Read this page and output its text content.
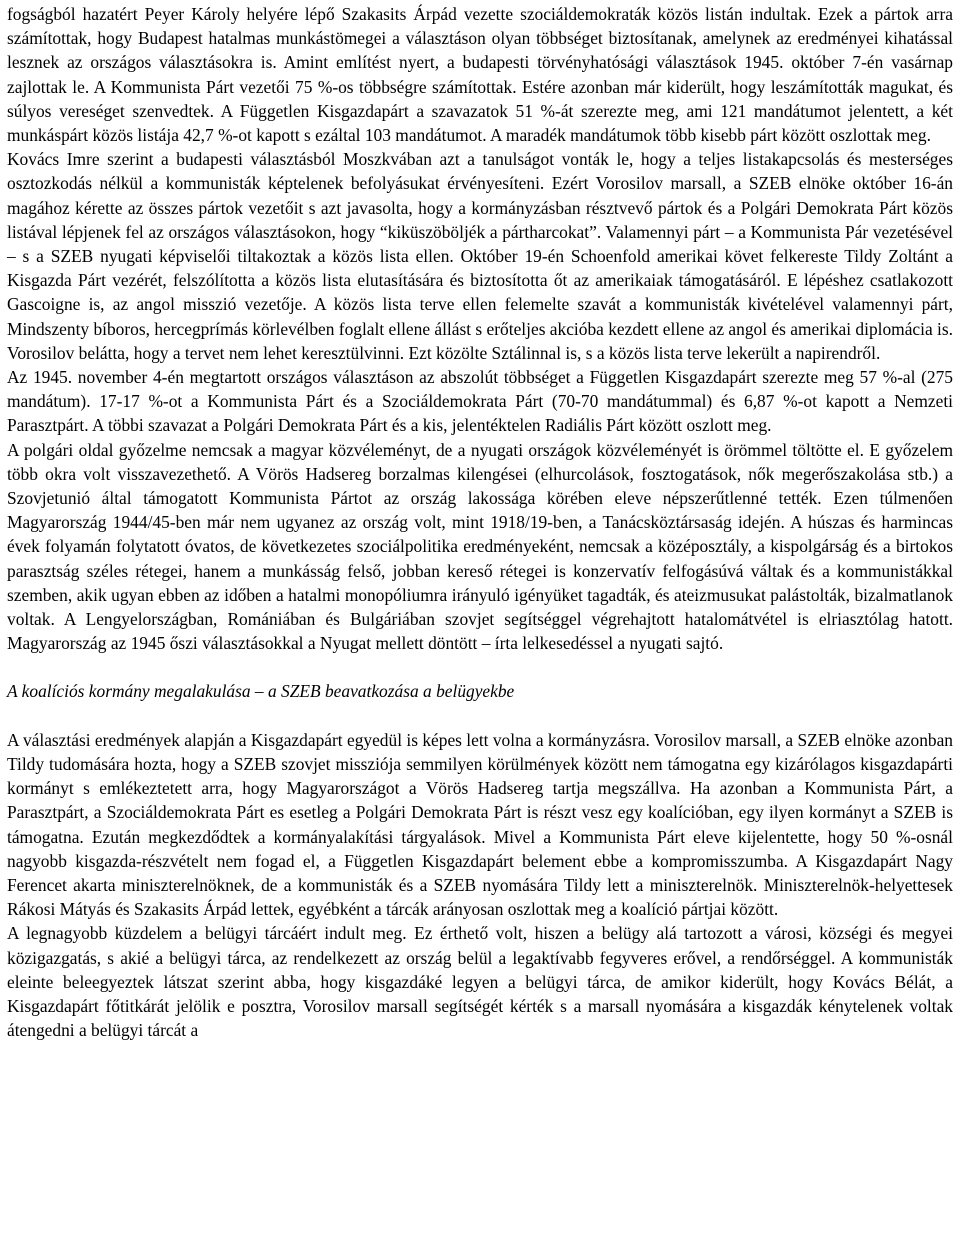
fogságból hazatért Peyer Károly helyére lépő Szakasits Árpád vezette szociáldemokraták közös listán indultak. Ezek a pártok arra számítottak, hogy Budapest hatalmas munkástömegei a választáson olyan többséget biztosítanak, amelynek az eredményei kihatással lesznek az országos választásokra is. Amint említést nyert, a budapesti törvényhatósági választások 1945. október 7-én vasárnap zajlottak le. A Kommunista Párt vezetői 75 %-os többségre számítottak. Estére azonban már kiderült, hogy leszámították magukat, és súlyos vereséget szenvedtek. A Független Kisgazdapárt a szavazatok 51 %-át szerezte meg, ami 121 mandátumot jelentett, a két munkáspárt közös listája 42,7 %-ot kapott s ezáltal 103 mandátumot. A maradék mandátumok több kisebb párt között oszlottak meg.

Kovács Imre szerint a budapesti választásból Moszkvában azt a tanulságot vonták le, hogy a teljes listakapcsolás és mesterséges osztozkodás nélkül a kommunisták képtelenek befolyásukat érvényesíteni. Ezért Vorosilov marsall, a SZEB elnöke október 16-án magához kérette az összes pártok vezetőit s azt javasolta, hogy a kormányzásban résztvevő pártok és a Polgári Demokrata Párt közös listával lépjenek fel az országos választásokon, hogy “kiküszöböljék a pártharcokat”. Valamennyi párt – a Kommunista Pár vezetésével – s a SZEB nyugati képviselői tiltakoztak a közös lista ellen. Október 19-én Schoenfold amerikai követ felkereste Tildy Zoltánt a Kisgazda Párt vezérét, felszólította a közös lista elutasítására és biztosította őt az amerikaiak támogatásáról. E lépéshez csatlakozott Gascoigne is, az angol misszió vezetője. A közös lista terve ellen felemelte szavát a kommunisták kivételével valamennyi párt, Mindszenty bíboros, hercegprímás körlevélben foglalt ellene állást s erőteljes akcióba kezdett ellene az angol és amerikai diplomácia is. Vorosilov belátta, hogy a tervet nem lehet keresztülvinni. Ezt közölte Sztálinnal is, s a közös lista terve lekerült a napirendről.

Az 1945. november 4-én megtartott országos választáson az abszolút többséget a Független Kisgazdapárt szerezte meg 57 %-al (275 mandátum). 17-17 %-ot a Kommunista Párt és a Szociáldemokrata Párt (70-70 mandátummal) és 6,87 %-ot kapott a Nemzeti Parasztpárt. A többi szavazat a Polgári Demokrata Párt és a kis, jelentéktelen Radiális Párt között oszlott meg.

A polgári oldal győzelme nemcsak a magyar közvéleményt, de a nyugati országok közvéleményét is örömmel töltötte el. E győzelem több okra volt visszavezethető. A Vörös Hadsereg borzalmas kilengései (elhurcolások, fosztogatások, nők megerőszakolása stb.) a Szovjetunió által támogatott Kommunista Pártot az ország lakossága körében eleve népszerűtlenné tették. Ezen túlmenően Magyarország 1944/45-ben már nem ugyanez az ország volt, mint 1918/19-ben, a Tanácsköztársaság idején. A húszas és harmincas évek folyamán folytatott óvatos, de következetes szociálpolitika eredményeként, nemcsak a középosztály, a kispolgárság és a birtokos parasztság széles rétegei, hanem a munkásság felső, jobban kereső rétegei is konzervatív felfogásúvá váltak és a kommunistákkal szemben, akik ugyan ebben az időben a hatalmi monopóliumra irányuló igényüket tagadták, és ateizmusukat palástolták, bizalmatlanok voltak. A Lengyelországban, Romániában és Bulgáriában szovjet segítséggel végrehajtott hatalomátvétel is elriasztólag hatott. Magyarország az 1945 őszi választásokkal a Nyugat mellett döntött – írta lelkesedéssel a nyugati sajtó.

A koalíciós kormány megalakulása – a SZEB beavatkozása a belügyekbe

A választási eredmények alapján a Kisgazdapárt egyedül is képes lett volna a kormányzásra. Vorosilov marsall, a SZEB elnöke azonban Tildy tudomására hozta, hogy a SZEB szovjet missziója semmilyen körülmények között nem támogatna egy kizárólagos kisgazdapárti kormányt s emlékeztetett arra, hogy Magyarországot a Vörös Hadsereg tartja megszállva. Ha azonban a Kommunista Párt, a Parasztpárt, a Szociáldemokrata Párt es esetleg a Polgári Demokrata Párt is részt vesz egy koalícióban, egy ilyen kormányt a SZEB is támogatna. Ezután megkezdődtek a kormányalakítási tárgyalások. Mivel a Kommunista Párt eleve kijelentette, hogy 50 %-osnál nagyobb kisgazda-részvételt nem fogad el, a Független Kisgazdapárt belement ebbe a kompromisszumba. A Kisgazdapárt Nagy Ferencet akarta miniszterelnöknek, de a kommunisták és a SZEB nyomására Tildy lett a miniszterelnök. Miniszterelnök-helyettesek Rákosi Mátyás és Szakasits Árpád lettek, egyébként a tárcák arányosan oszlottak meg a koalíció pártjai között.

A legnagyobb küzdelem a belügyi tárcáért indult meg. Ez érthető volt, hiszen a belügy alá tartozott a városi, községi és megyei közigazgatás, s akié a belügyi tárca, az rendelkezett az ország belül a legaktívabb fegyveres erővel, a rendőrséggel. A kommunisták eleinte beleegyeztek látszat szerint abba, hogy kisgazdáké legyen a belügyi tárca, de amikor kiderült, hogy Kovács Bélát, a Kisgazdapárt főtitkárát jelölik e posztra, Vorosilov marsall segítségét kérték s a marsall nyomására a kisgazdák kénytelenek voltak átengedni a belügyi tárcát a
